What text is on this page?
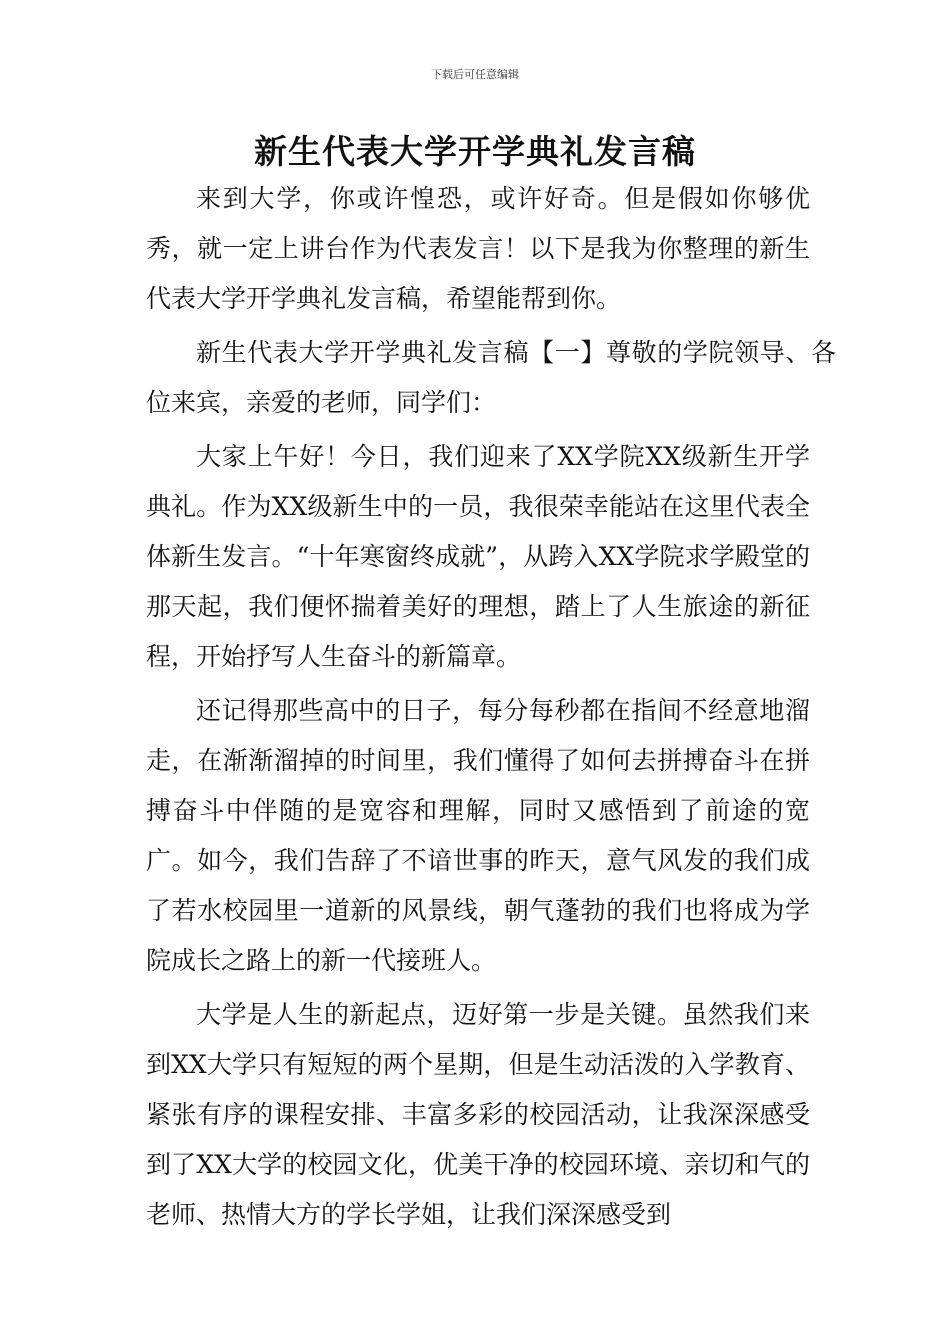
下载后可任意编辑
新生代表大学开学典礼发言稿

来到大学，你或许惶恐，或许好奇。但是假如你够优秀，就一定上讲台作为代表发言！以下是我为你整理的新生代表大学开学典礼发言稿，希望能帮到你。

新生代表大学开学典礼发言稿【一】尊敬的学院领导、各位来宾，亲爱的老师，同学们：

大家上午好！今日，我们迎来了XX学院XX级新生开学典礼。作为XX级新生中的一员，我很荣幸能站在这里代表全体新生发言。“十年寒窗终成就”，从跨入XX学院求学殿堂的那天起，我们便怀揣着美好的理想，踏上了人生旅途的新征程，开始抒写人生奋斗的新篇章。

还记得那些高中的日子，每分每秒都在指间不经意地溜走，在渐渐溜掉的时间里，我们懂得了如何去拼搏奋斗在拼搏奋斗中伴随的是宽容和理解，同时又感悟到了前途的宽广。如今，我们告辞了不谙世事的昨天，意气风发的我们成了若水校园里一道新的风景线，朝气蓬勃的我们也将成为学院成长之路上的新一代接班人。

大学是人生的新起点，迈好第一步是关键。虽然我们来到XX大学只有短短的两个星期，但是生动活泼的入学教育、紧张有序的课程安排、丰富多彩的校园活动，让我深深感受到了XX大学的校园文化，优美干净的校园环境、亲切和气的老师、热情大方的学长学姐，让我们深深感受到
